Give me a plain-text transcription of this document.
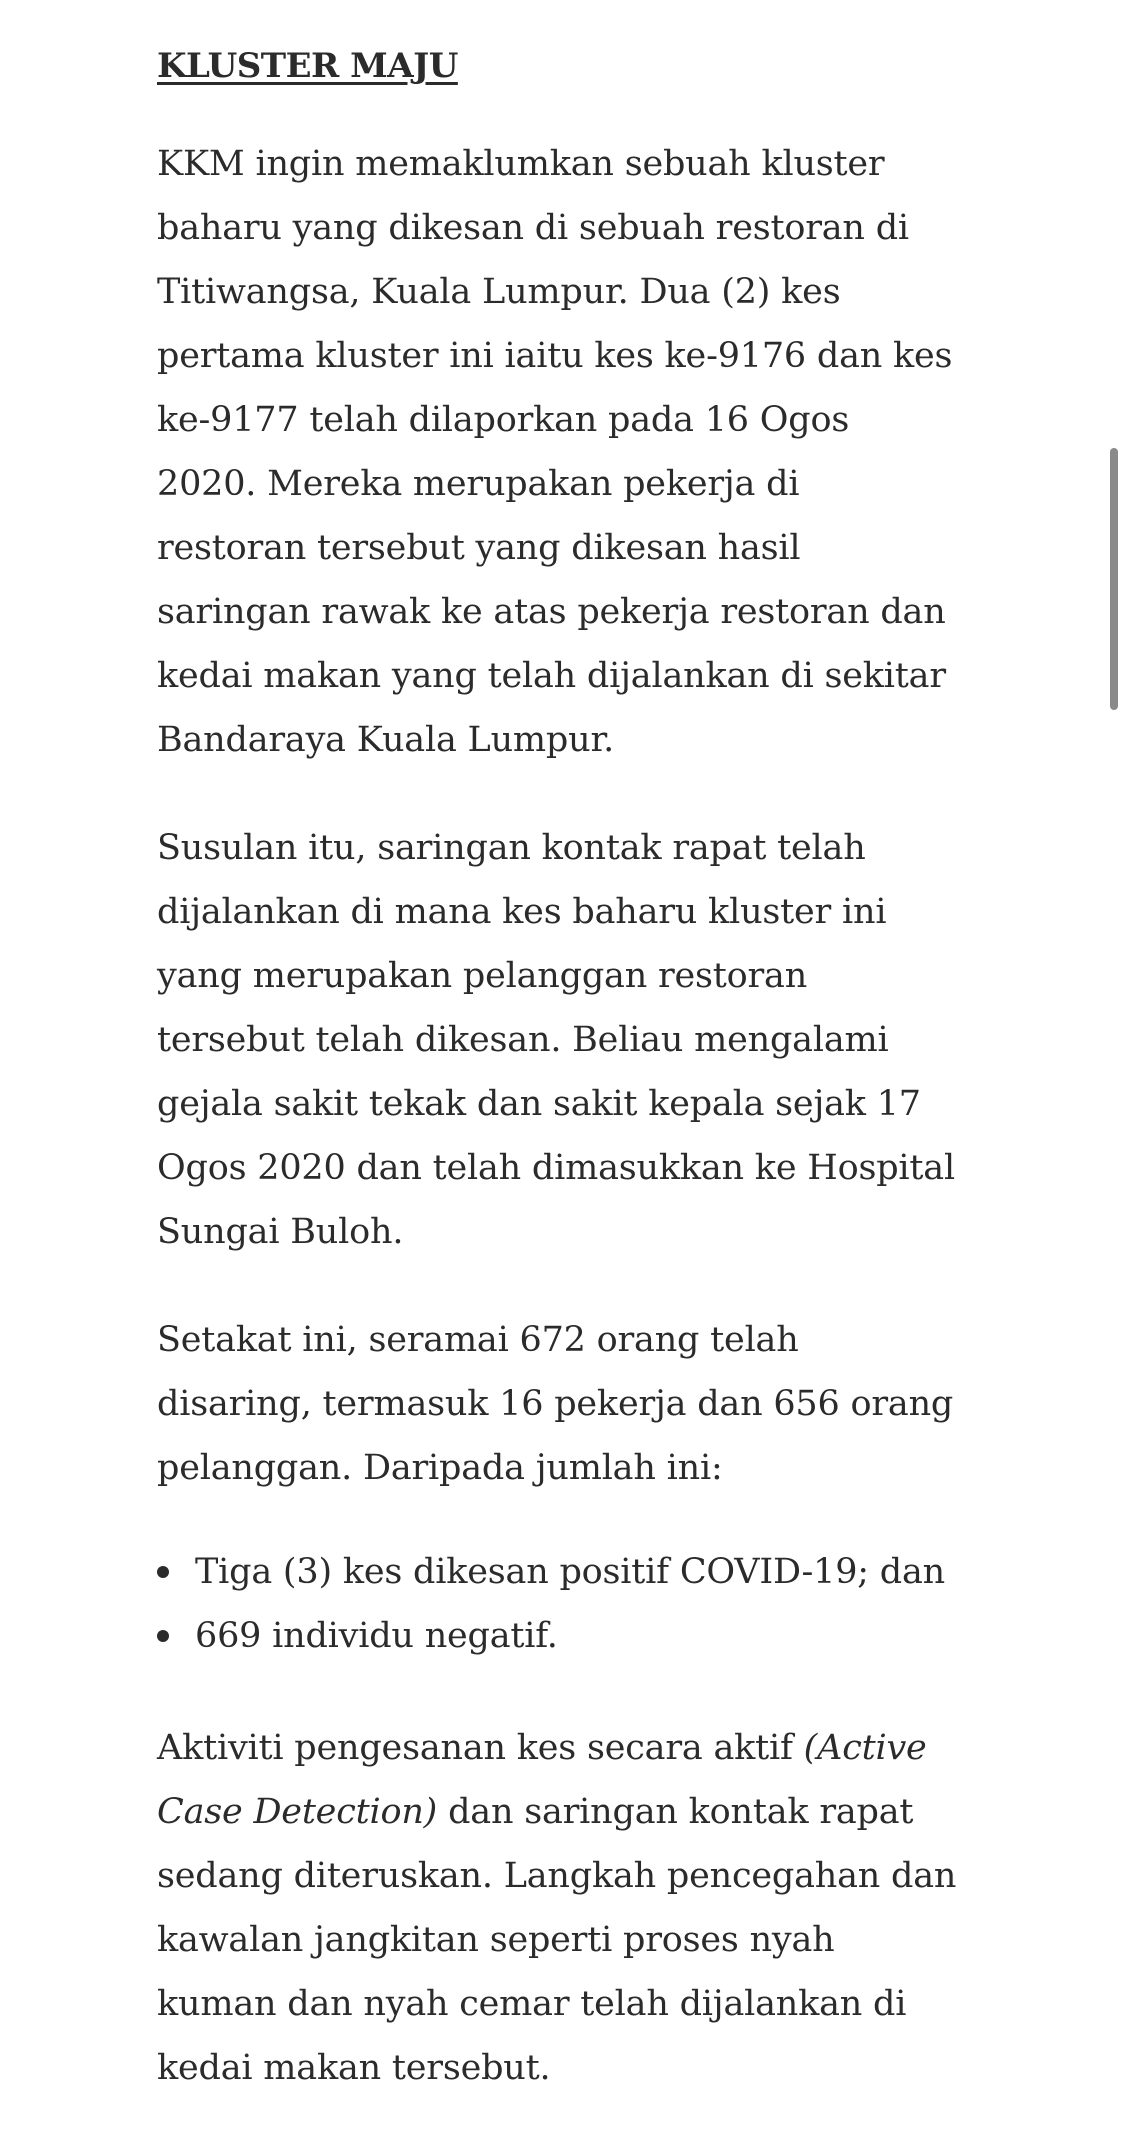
KLUSTER MAJU

KKM ingin memaklumkan sebuah kluster baharu yang dikesan di sebuah restoran di Titiwangsa, Kuala Lumpur. Dua (2) kes pertama kluster ini iaitu kes ke-9176 dan kes ke-9177 telah dilaporkan pada 16 Ogos 2020. Mereka merupakan pekerja di restoran tersebut yang dikesan hasil saringan rawak ke atas pekerja restoran dan kedai makan yang telah dijalankan di sekitar Bandaraya Kuala Lumpur.

Susulan itu, saringan kontak rapat telah dijalankan di mana kes baharu kluster ini yang merupakan pelanggan restoran tersebut telah dikesan. Beliau mengalami gejala sakit tekak dan sakit kepala sejak 17 Ogos 2020 dan telah dimasukkan ke Hospital Sungai Buloh.

Setakat ini, seramai 672 orang telah disaring, termasuk 16 pekerja dan 656 orang pelanggan. Daripada jumlah ini:

Tiga (3) kes dikesan positif COVID-19; dan
669 individu negatif.

Aktiviti pengesanan kes secara aktif (Active Case Detection) dan saringan kontak rapat sedang diteruskan. Langkah pencegahan dan kawalan jangkitan seperti proses nyah kuman dan nyah cemar telah dijalankan di kedai makan tersebut.
